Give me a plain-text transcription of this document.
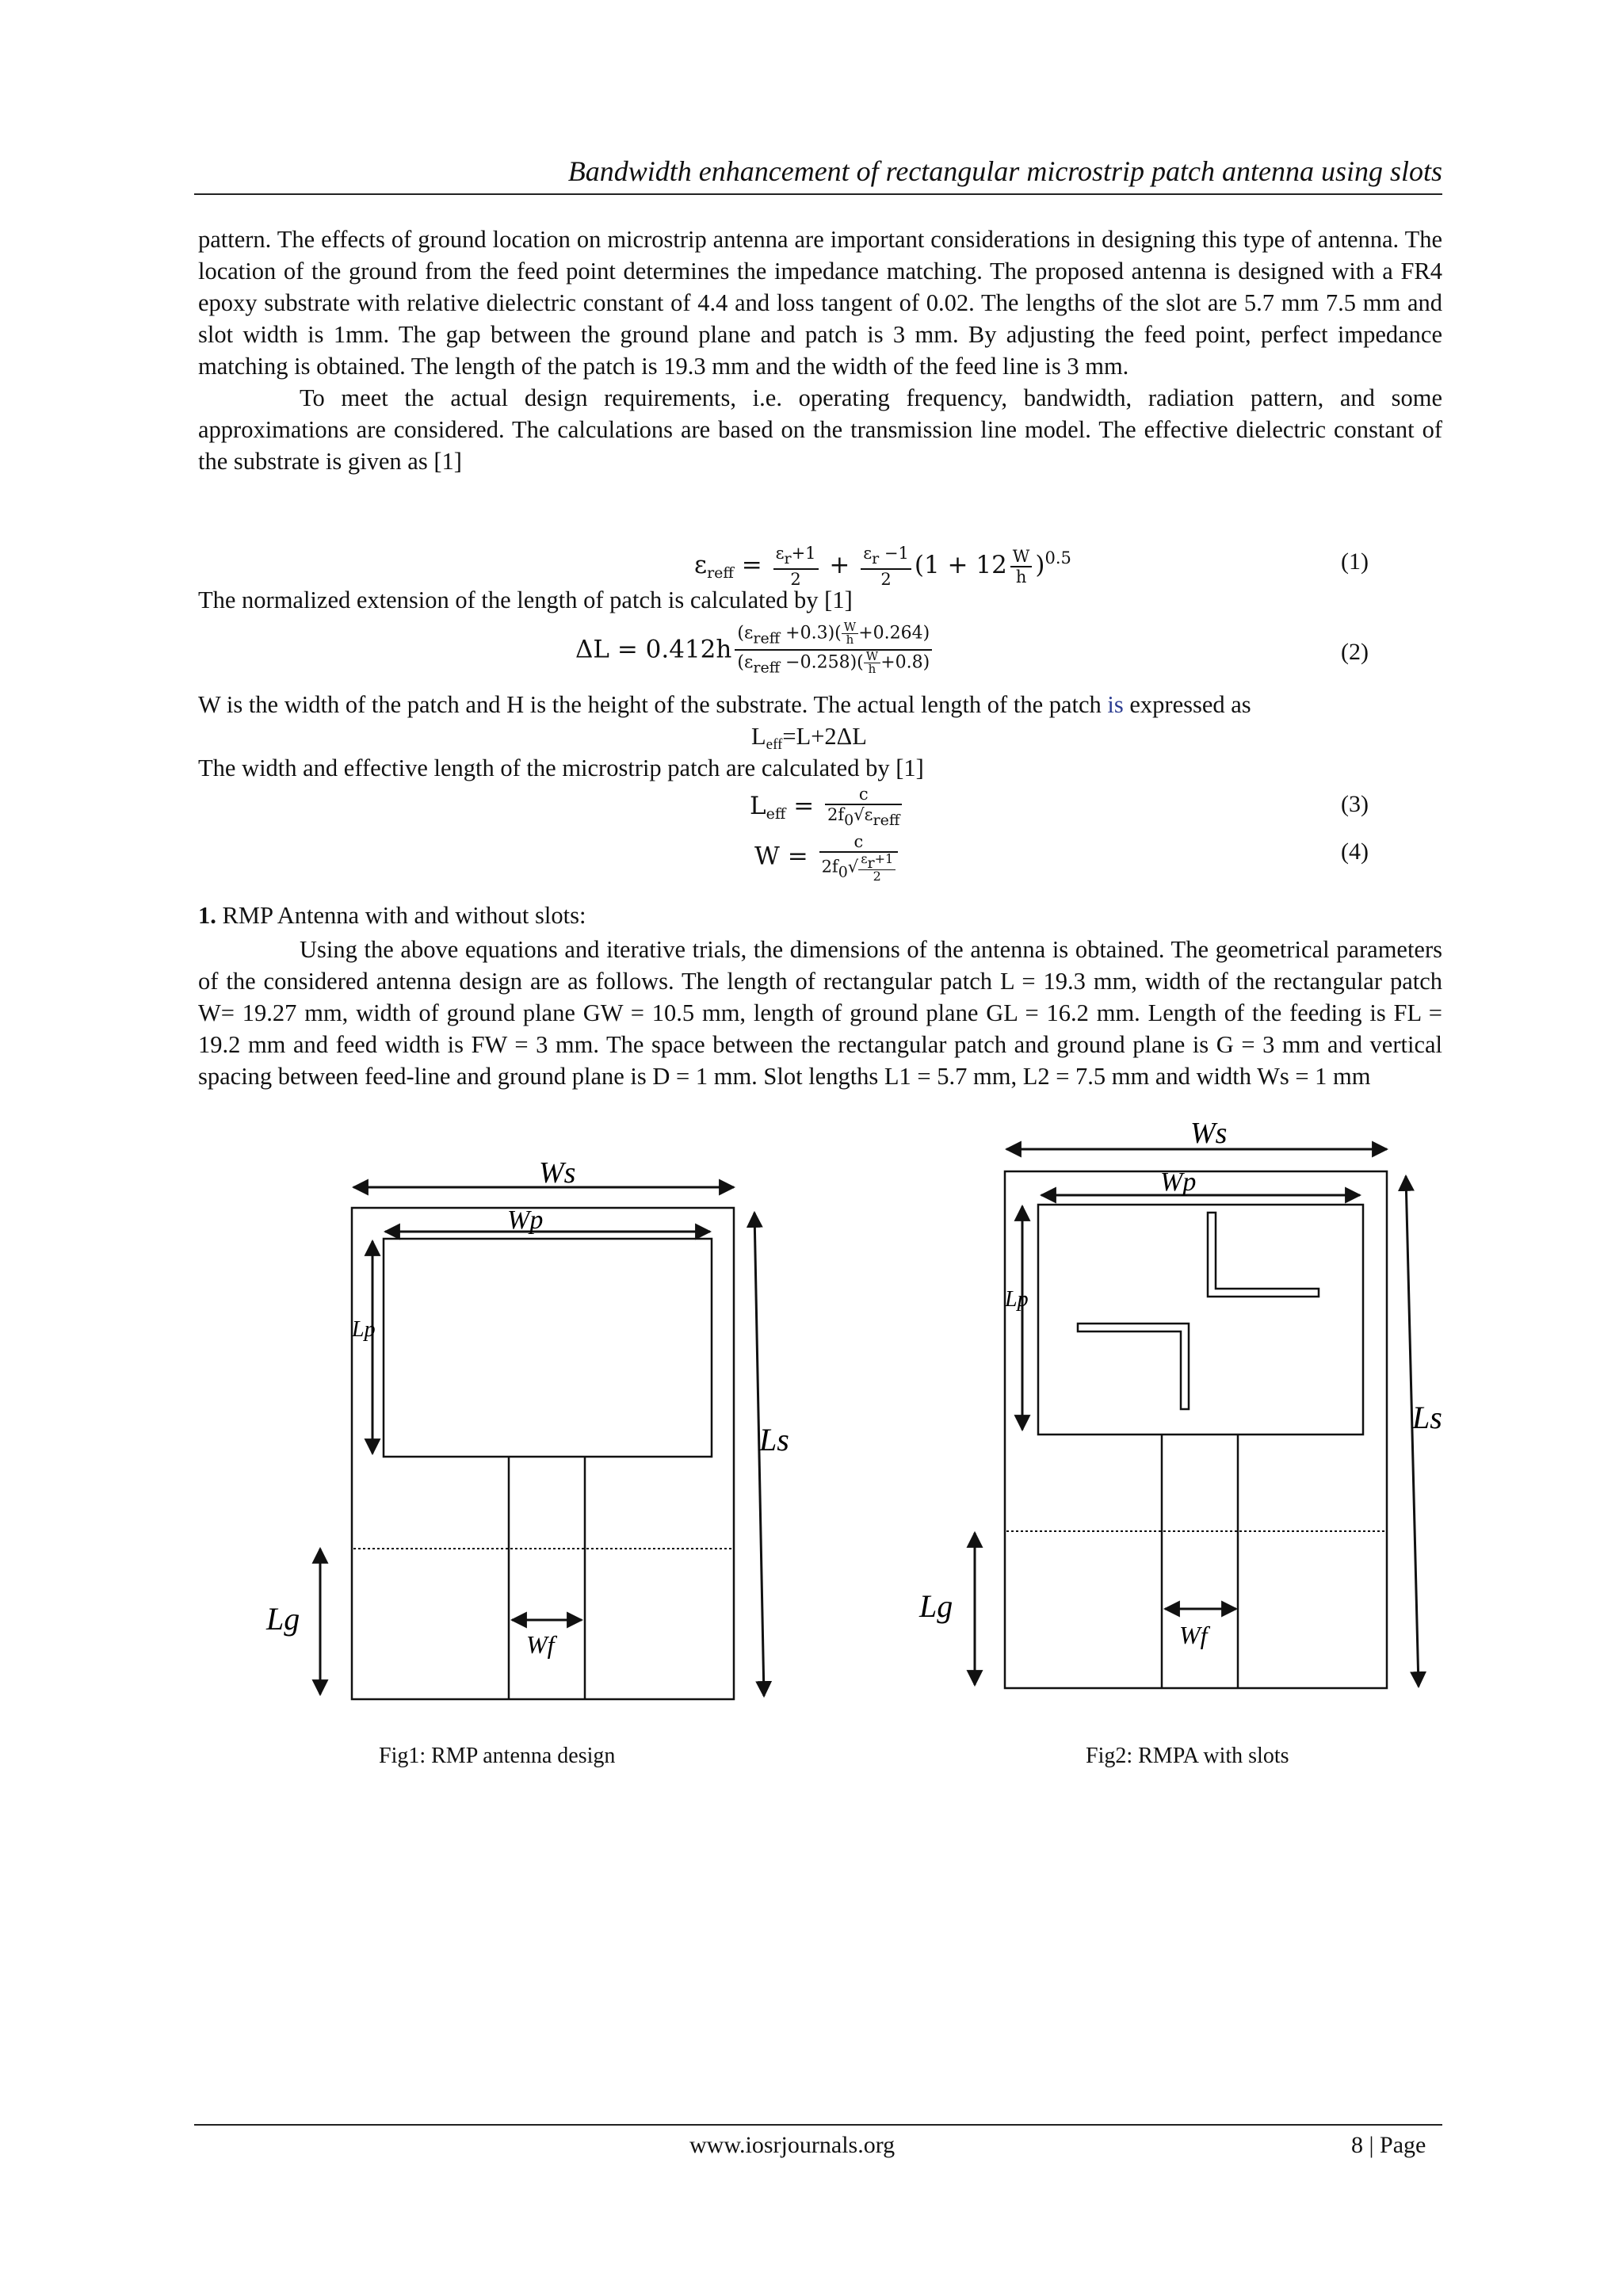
Bandwidth enhancement of rectangular microstrip patch antenna using slots

pattern. The effects of ground location on microstrip antenna are important considerations in designing this type of antenna. The location of the ground from the feed point determines the impedance matching. The proposed antenna is designed with a FR4 epoxy substrate with relative dielectric constant of 4.4 and loss tangent of 0.02. The lengths of the slot are 5.7 mm 7.5 mm and slot width is 1mm. The gap between the ground plane and patch is 3 mm. By adjusting the feed point, perfect impedance matching is obtained. The length of the patch is 19.3 mm and the width of the feed line is 3 mm.

To meet the actual design requirements, i.e. operating frequency, bandwidth, radiation pattern, and some approximations are considered. The calculations are based on the transmission line model. The effective dielectric constant of the substrate is given as [1]

$\varepsilon_{reff} = \frac{\varepsilon r+1}{2} + \frac{\varepsilon r -1}{2} (1 + 12 \frac{W}{h} )^{0.5}$	(1)
The normalized extension of the length of patch is calculated by [1]
$\Delta L = 0.412h \frac{(\varepsilon reff +0.3)( \frac{W}{h} +0.264)}{(\varepsilon reff -0.258)( \frac{W}{h} +0.8)}$	(2)
W is the width of the patch and H is the height of the substrate. The actual length of the patch is expressed as
$L_{eff}=L+2\Delta L$
The width and effective length of the microstrip patch are calculated by [1]
$L_{eff} = \frac{c}{\text{2f0√εreff}}$	(3)
$W = \frac{c}{2f0√ \frac{\varepsilon r+1}{2}}$	(4)
1. RMP Antenna with and without slots:

Using the above equations and iterative trials, the dimensions of the antenna is obtained. The geometrical parameters of the considered antenna design are as follows. The length of rectangular patch L = 19.3 mm, width of the rectangular patch W= 19.27 mm, width of ground plane GW = 10.5 mm, length of ground plane GL = 16.2 mm. Length of the feeding is FL = 19.2 mm and feed width is FW = 3 mm. The space between the rectangular patch and ground plane is G = 3 mm and vertical spacing between feed-line and ground plane is D = 1 mm. Slot lengths L1 = 5.7 mm, L2 = 7.5 mm and width Ws = 1 mm

Ws
Wp
Lp
Ls
Lg
Wf
Ws
Wp
Lp
Ls
Lg
Wf
Fig1: RMP antenna design	Fig2: RMPA with slots
www.iosrjournals.org	8 | Page
